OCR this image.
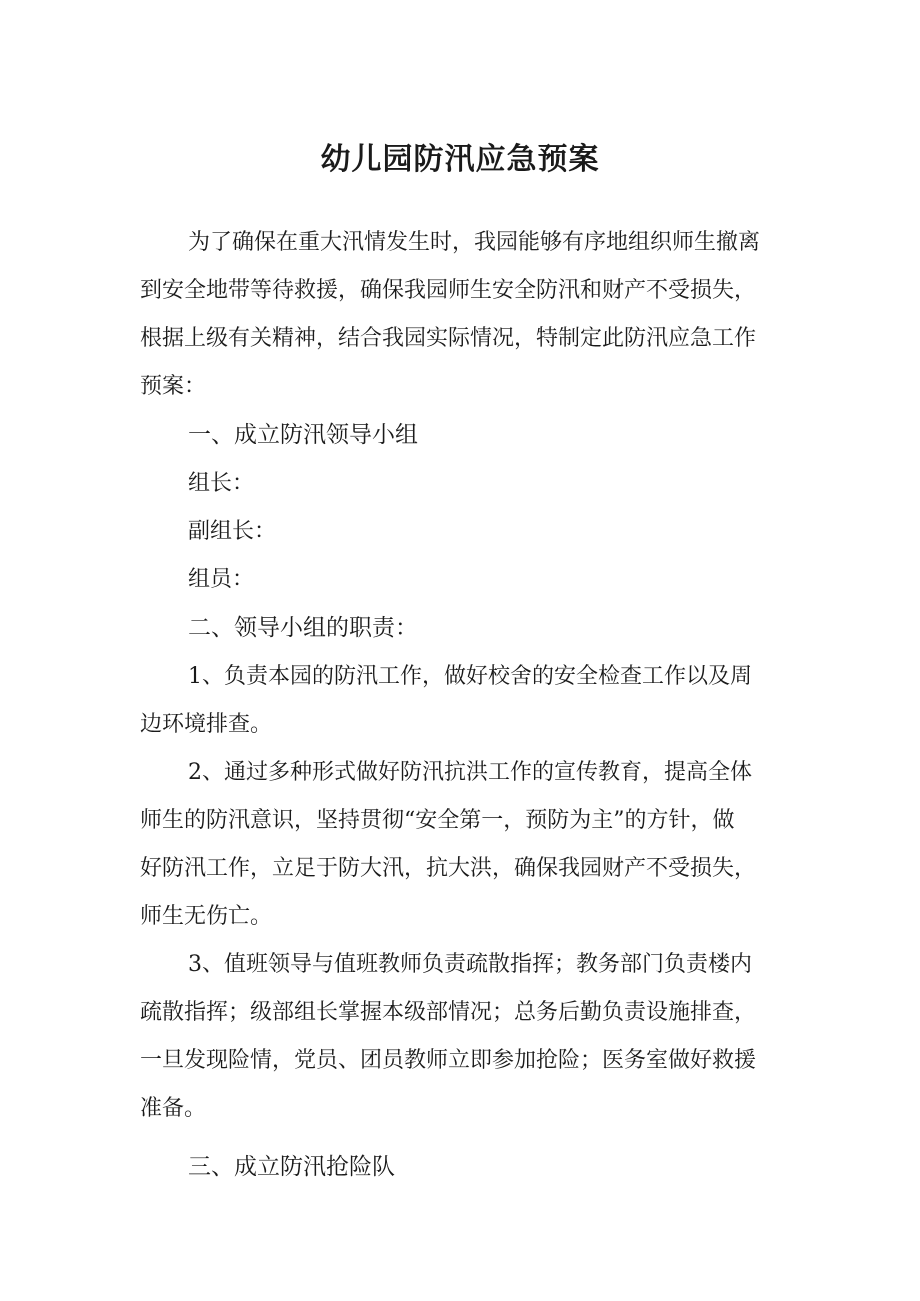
幼儿园防汛应急预案
为了确保在重大汛情发生时，我园能够有序地组织师生撤离
到安全地带等待救援，确保我园师生安全防汛和财产不受损失，
根据上级有关精神，结合我园实际情况，特制定此防汛应急工作
预案：
一、成立防汛领导小组
组长：
副组长：
组员：
二、领导小组的职责：
1、负责本园的防汛工作，做好校舍的安全检查工作以及周
边环境排查。
2、通过多种形式做好防汛抗洪工作的宣传教育，提高全体
师生的防汛意识，坚持贯彻“安全第一，预防为主”的方针，做
好防汛工作，立足于防大汛，抗大洪，确保我园财产不受损失，
师生无伤亡。
3、值班领导与值班教师负责疏散指挥；教务部门负责楼内
疏散指挥；级部组长掌握本级部情况；总务后勤负责设施排查，
一旦发现险情，党员、团员教师立即参加抢险；医务室做好救援
准备。
三、成立防汛抢险队
